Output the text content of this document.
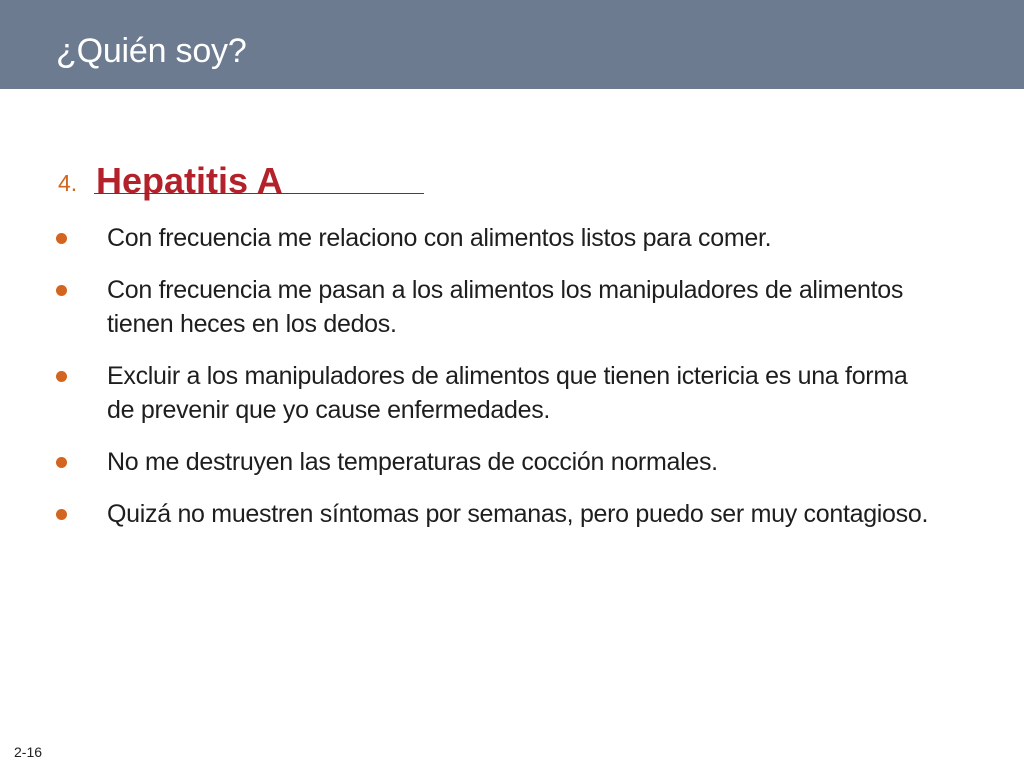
¿Quién soy?
4. Hepatitis A
Con frecuencia me relaciono con alimentos listos para comer.
Con frecuencia me pasan a los alimentos los manipuladores de alimentos tienen heces en los dedos.
Excluir a los manipuladores de alimentos que tienen ictericia es una forma de prevenir que yo cause enfermedades.
No me destruyen las temperaturas de cocción normales.
Quizá no muestren síntomas por semanas, pero puedo ser muy contagioso.
2-16
